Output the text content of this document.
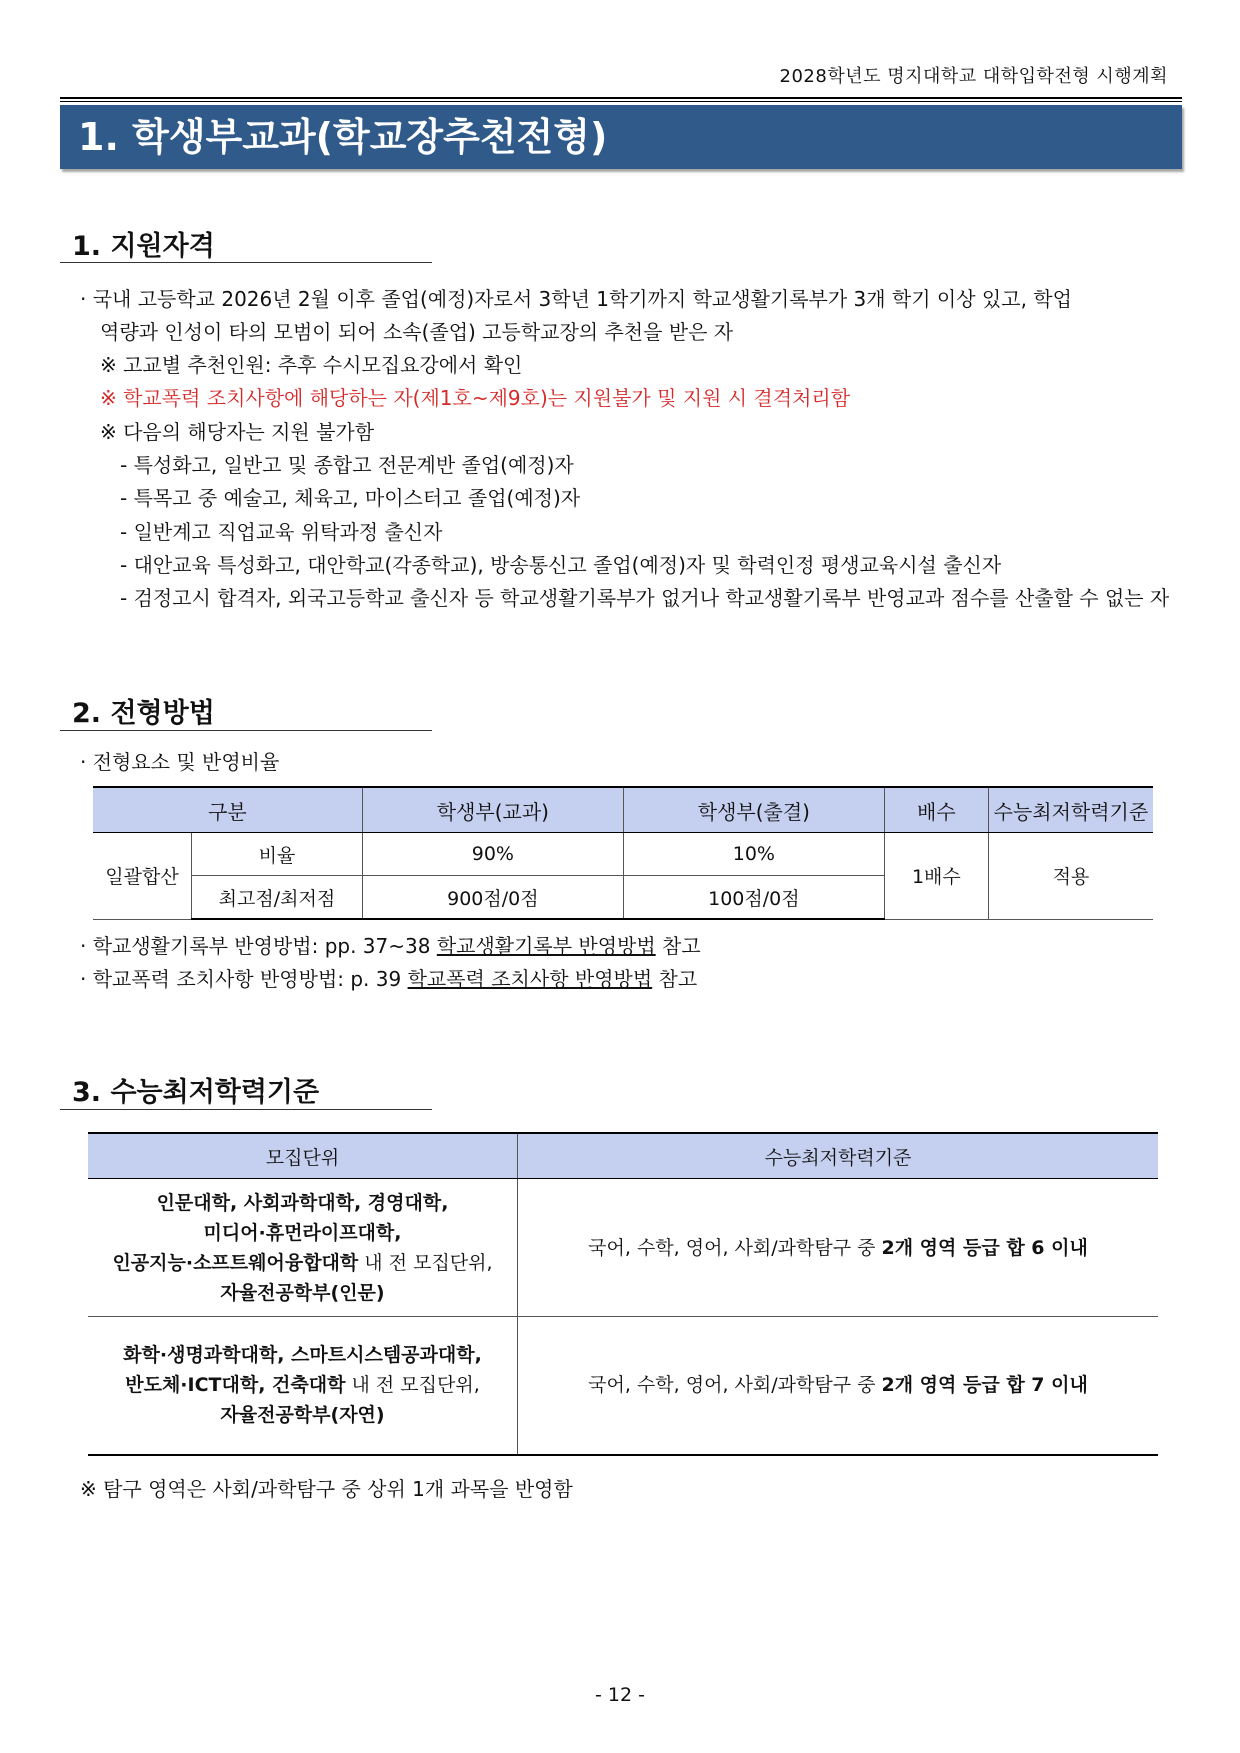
2028학년도 명지대학교 대학입학전형 시행계획
1. 학생부교과(학교장추천전형)
1. 지원자격
· 국내 고등학교 2026년 2월 이후 졸업(예정)자로서 3학년 1학기까지 학교생활기록부가 3개 학기 이상 있고, 학업
역량과 인성이 타의 모범이 되어 소속(졸업) 고등학교장의 추천을 받은 자
※ 고교별 추천인원: 추후 수시모집요강에서 확인
※ 학교폭력 조치사항에 해당하는 자(제1호~제9호)는 지원불가 및 지원 시 결격처리함
※ 다음의 해당자는 지원 불가함
- 특성화고, 일반고 및 종합고 전문계반 졸업(예정)자
- 특목고 중 예술고, 체육고, 마이스터고 졸업(예정)자
- 일반계고 직업교육 위탁과정 출신자
- 대안교육 특성화고, 대안학교(각종학교), 방송통신고 졸업(예정)자 및 학력인정 평생교육시설 출신자
- 검정고시 합격자, 외국고등학교 출신자 등 학교생활기록부가 없거나 학교생활기록부 반영교과 점수를 산출할 수 없는 자
2. 전형방법
· 전형요소 및 반영비율
구분		학생부(교과)	학생부(출결)	배수	수능최저학력기준
일괄합산	비율	90%	10%	1배수	적용
	최고점/최저점	900점/0점	100점/0점		
· 학교생활기록부 반영방법: pp. 37~38 학교생활기록부 반영방법 참고
· 학교폭력 조치사항 반영방법: p. 39 학교폭력 조치사항 반영방법 참고
3. 수능최저학력기준
모집단위	수능최저학력기준

인문대학, 사회과학대학, 경영대학,
미디어·휴먼라이프대학,
인공지능·소프트웨어융합대학 내 전 모집단위,
자율전공학부(인문)	국어, 수학, 영어, 사회/과학탐구 중 2개 영역 등급 합 6 이내

화학·생명과학대학, 스마트시스템공과대학,
반도체·ICT대학, 건축대학 내 전 모집단위,
자율전공학부(자연)	국어, 수학, 영어, 사회/과학탐구 중 2개 영역 등급 합 7 이내
※ 탐구 영역은 사회/과학탐구 중 상위 1개 과목을 반영함
- 12 -
